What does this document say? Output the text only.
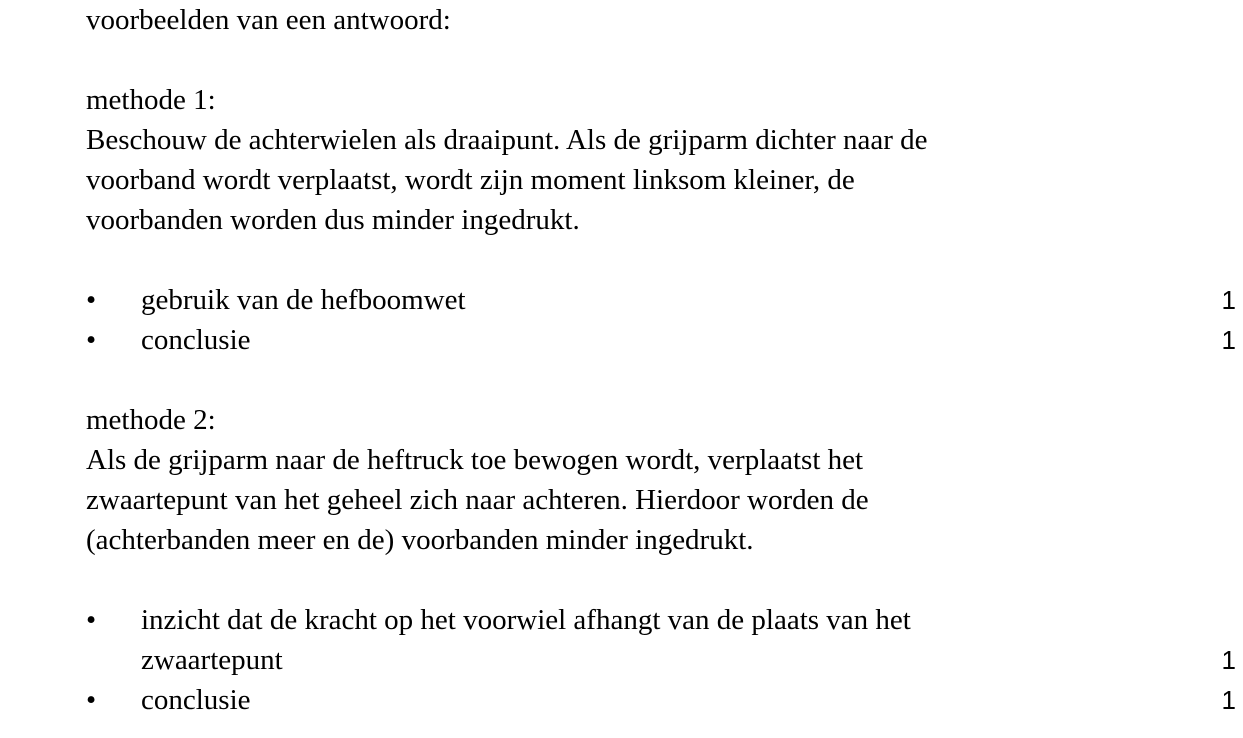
voorbeelden van een antwoord:
methode 1:
Beschouw de achterwielen als draaipunt. Als de grijparm dichter naar de
voorband wordt verplaatst, wordt zijn moment linksom kleiner, de
voorbanden worden dus minder ingedrukt.
•	gebruik van de hefboomwet	1
•	conclusie	1
methode 2:
Als de grijparm naar de heftruck toe bewogen wordt, verplaatst het
zwaartepunt van het geheel zich naar achteren. Hierdoor worden de
(achterbanden meer en de) voorbanden minder ingedrukt.
•	inzicht dat de kracht op het voorwiel afhangt van de plaats van het
zwaartepunt	1
•	conclusie	1
